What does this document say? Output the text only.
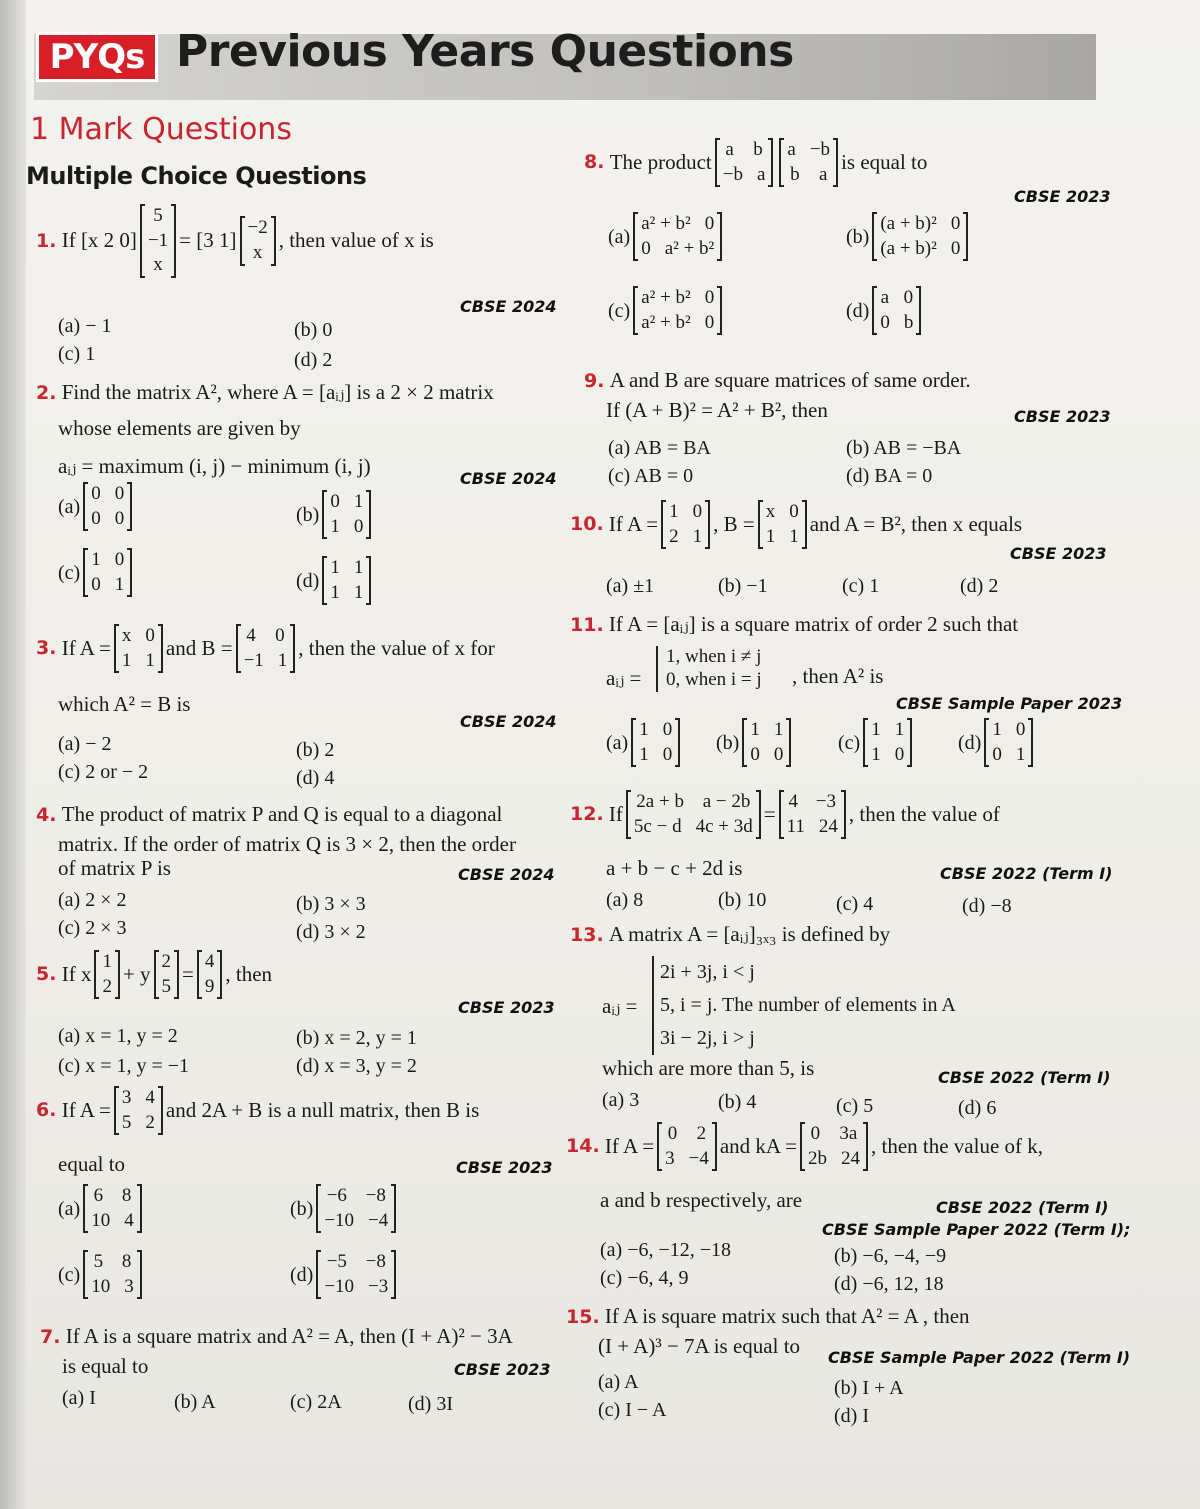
PYQs Previous Years Questions
1 Mark Questions
Multiple Choice Questions
1.
If [x 2 0]
5
−1
x
= [3 1]
−2
x
, then value of x is
CBSE 2024
(a) − 1	(b) 0
(c) 1	(d) 2
2. Find the matrix A², where A = [aᵢⱼ] is a 2 × 2 matrix
whose elements are given by
aᵢⱼ = maximum (i, j) − minimum (i, j)
CBSE 2024
(a)
0 0
0 0	(b)
0 1
1 0
(c)
1 0
0 1	(d)
1 1
1 1
3.
If A =
x 0
1 1
and B =
4 0
−1 1
, then the value of x for
which A² = B is
CBSE 2024
(a) − 2	(b) 2
(c) 2 or − 2	(d) 4
4. The product of matrix P and Q is equal to a diagonal
matrix. If the order of matrix Q is 3 × 2, then the order
of matrix P is	CBSE 2024
(a) 2 × 2	(b) 3 × 3
(c) 2 × 3	(d) 3 × 2
5.
If x
1
2
+ y
2
5
=
4
9
, then
CBSE 2023
(a) x = 1, y = 2	(b) x = 2, y = 1
(c) x = 1, y = −1	(d) x = 3, y = 2
6.
If A =
3 4
5 2
and 2A + B is a null matrix, then B is
equal to	CBSE 2023
(a)
6 8
10 4
(b)
−6 −8
−10 −4
(c)
5 8
10 3
(d)
−5 −8
−10 −3
7. If A is a square matrix and A² = A, then (I + A)² − 3A
is equal to	CBSE 2023
(a) I	(b) A	(c) 2A	(d) 3I
8.
The product
a b
−b a
a −b
b a
is equal to
CBSE 2023
(a)
a² + b² 0
0 a² + b²
(b)
(a + b)² 0
(a + b)² 0
(c)
a² + b² 0
a² + b² 0
(d)
a 0
0 b
9. A and B are square matrices of same order.
If (A + B)² = A² + B², then	CBSE 2023
(a) AB = BA	(b) AB = −BA
(c) AB = 0	(d) BA = 0
10.
If A =
1 0
2 1
, B =
x 0
1 1
and A = B², then x equals
CBSE 2023
(a) ±1	(b) −1	(c) 1	(d) 2
11. If A = [aᵢⱼ] is a square matrix of order 2 such that
aᵢⱼ =
1, when i ≠ j
0, when i = j , then A² is
CBSE Sample Paper 2023
(a)
1 0
1 0
(b)
1 1
0 0
(c)
1 1
1 0
(d)
1 0
0 1
12.
If
2a + b a − 2b
5c − d 4c + 3d
=
4 −3
11 24
, then the value of
a + b − c + 2d is	CBSE 2022 (Term I)
(a) 8	(b) 10	(c) 4	(d) −8
13. A matrix A = [aᵢⱼ]₃ₓ₃ is defined by
aᵢⱼ =
2i + 3j, i < j
5, i = j. The number of elements in A
3i − 2j, i > j
which are more than 5, is	CBSE 2022 (Term I)
(a) 3	(b) 4	(c) 5	(d) 6
14.
If A =
0 2
3 −4
and kA =
0 3a
2b 24
, then the value of k,
a and b respectively, are	CBSE 2022 (Term I)
CBSE Sample Paper 2022 (Term I);
(a) −6, −12, −18	(b) −6, −4, −9
(c) −6, 4, 9	(d) −6, 12, 18
15. If A is square matrix such that A² = A , then
(I + A)³ − 7A is equal to CBSE Sample Paper 2022 (Term I)
(a) A	(b) I + A
(c) I − A	(d) I
